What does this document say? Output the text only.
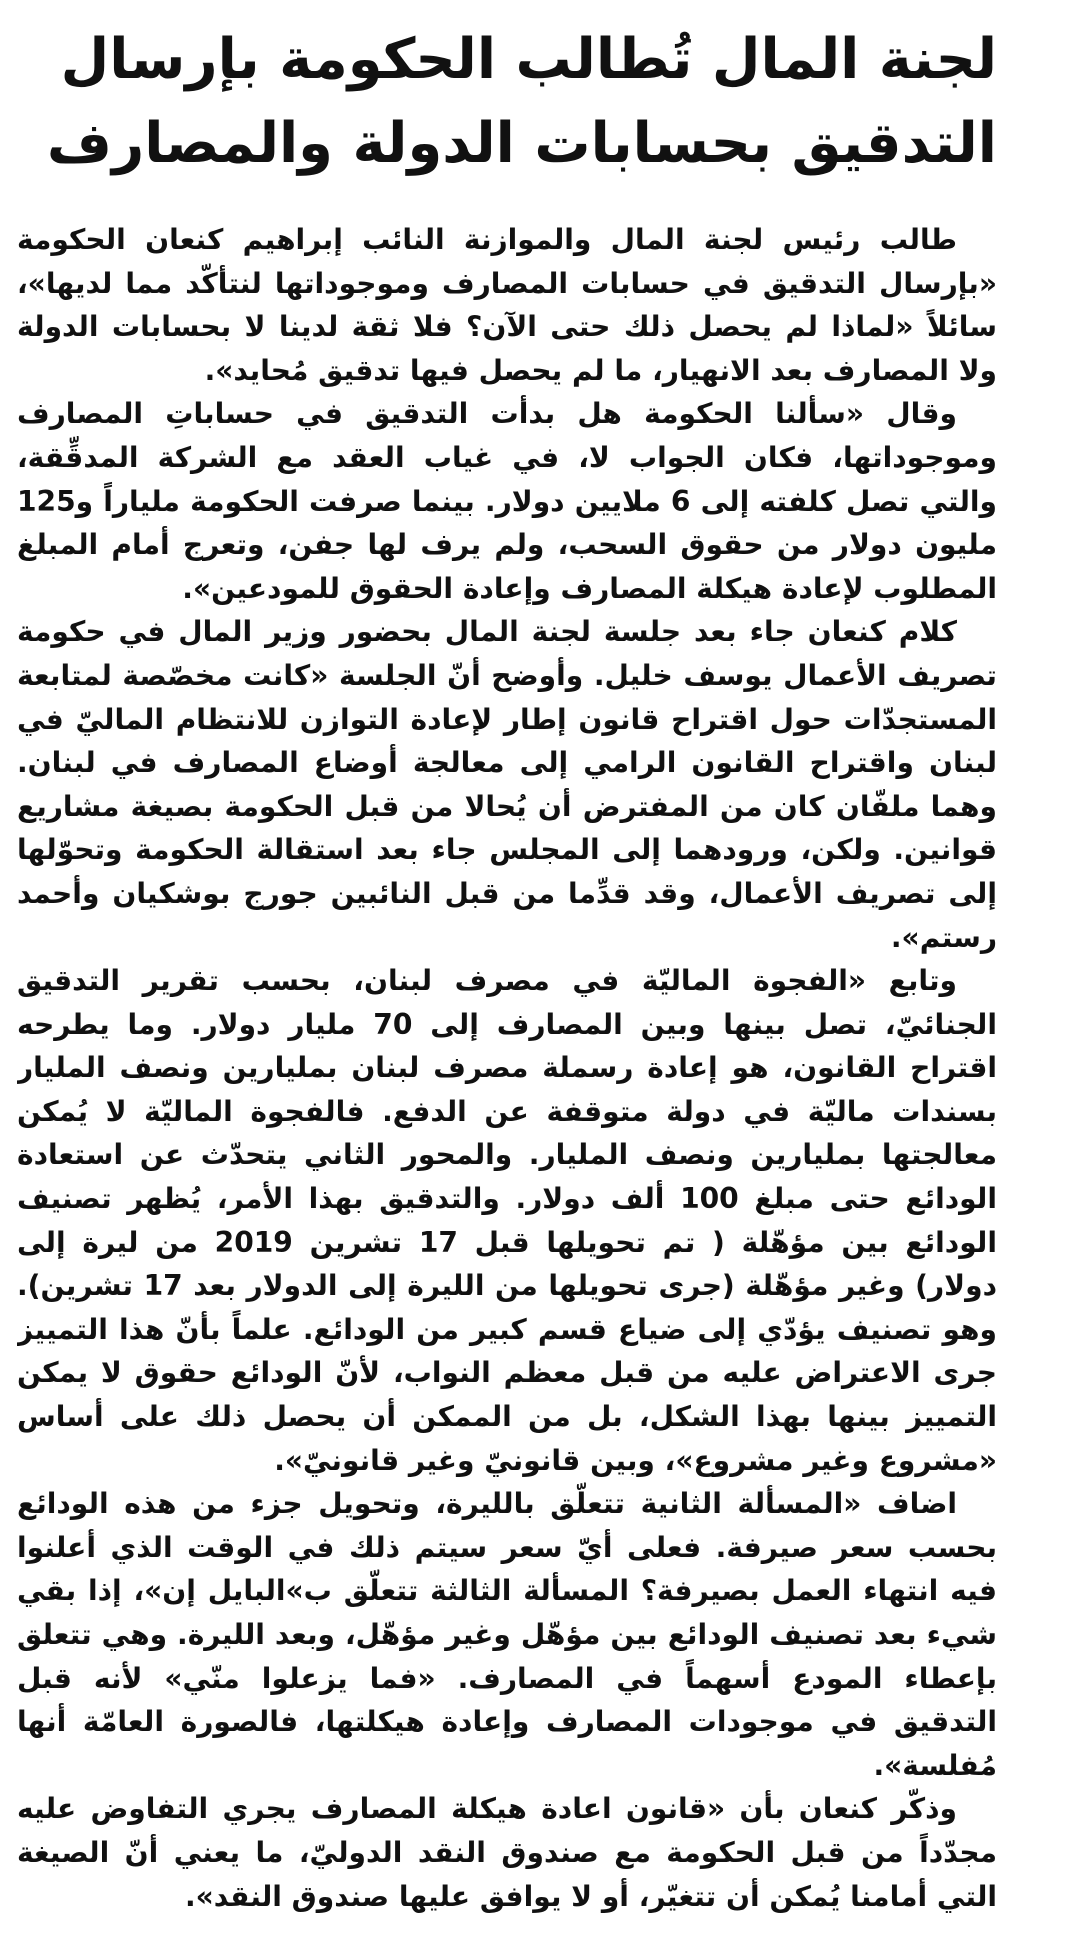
لجنة المال تُطالب الحكومة بإرسال
التدقيق بحسابات الدولة والمصارف

طالب رئيس لجنة المال والموازنة النائب إبراهيم كنعان الحكومة «بإرسال التدقيق في حسابات المصارف وموجوداتها لنتأكّد مما لديها»، سائلاً «لماذا لم يحصل ذلك حتى الآن؟ فلا ثقة لدينا لا بحسابات الدولة ولا المصارف بعد الانهيار، ما لم يحصل فيها تدقيق مُحايد».

وقال «سألنا الحكومة هل بدأت التدقيق في حساباتِ المصارف وموجوداتها، فكان الجواب لا، في غياب العقد مع الشركة المدقِّقة، والتي تصل كلفته إلى 6 ملايين دولار. بينما صرفت الحكومة ملياراً و125 مليون دولار من حقوق السحب، ولم يرف لها جفن، وتعرج أمام المبلغ المطلوب لإعادة هيكلة المصارف وإعادة الحقوق للمودعين».

كلام كنعان جاء بعد جلسة لجنة المال بحضور وزير المال في حكومة تصريف الأعمال يوسف خليل. وأوضح أنّ الجلسة «كانت مخصّصة لمتابعة المستجدّات حول اقتراح قانون إطار لإعادة التوازن للانتظام الماليّ في لبنان واقتراح القانون الرامي إلى معالجة أوضاع المصارف في لبنان. وهما ملفّان كان من المفترض أن يُحالا من قبل الحكومة بصيغة مشاريع قوانين. ولكن، ورودهما إلى المجلس جاء بعد استقالة الحكومة وتحوّلها إلى تصريف الأعمال، وقد قدِّما من قبل النائبين جورج بوشكيان وأحمد رستم».

وتابع «الفجوة الماليّة في مصرف لبنان، بحسب تقرير التدقيق الجنائيّ، تصل بينها وبين المصارف إلى 70 مليار دولار. وما يطرحه اقتراح القانون، هو إعادة رسملة مصرف لبنان بمليارين ونصف المليار بسندات ماليّة في دولة متوقفة عن الدفع. فالفجوة الماليّة لا يُمكن معالجتها بمليارين ونصف المليار. والمحور الثاني يتحدّث عن استعادة الودائع حتى مبلغ 100 ألف دولار. والتدقيق بهذا الأمر، يُظهر تصنيف الودائع بين مؤهّلة ( تم تحويلها قبل 17 تشرين 2019 من ليرة إلى دولار) وغير مؤهّلة (جرى تحويلها من الليرة إلى الدولار بعد 17 تشرين). وهو تصنيف يؤدّي إلى ضياع قسم كبير من الودائع. علماً بأنّ هذا التمييز جرى الاعتراض عليه من قبل معظم النواب، لأنّ الودائع حقوق لا يمكن التمييز بينها بهذا الشكل، بل من الممكن أن يحصل ذلك على أساس «مشروع وغير مشروع»، وبين قانونيّ وغير قانونيّ».

اضاف «المسألة الثانية تتعلّق بالليرة، وتحويل جزء من هذه الودائع بحسب سعر صيرفة. فعلى أيّ سعر سيتم ذلك في الوقت الذي أعلنوا فيه انتهاء العمل بصيرفة؟ المسألة الثالثة تتعلّق ب»البايل إن»، إذا بقي شيء بعد تصنيف الودائع بين مؤهّل وغير مؤهّل، وبعد الليرة. وهي تتعلق بإعطاء المودع أسهماً في المصارف. «فما يزعلوا منّي» لأنه قبل التدقيق في موجودات المصارف وإعادة هيكلتها، فالصورة العامّة أنها مُفلسة».

وذكّر كنعان بأن «قانون اعادة هيكلة المصارف يجري التفاوض عليه مجدّداً من قبل الحكومة مع صندوق النقد الدوليّ، ما يعني أنّ الصيغة التي أمامنا يُمكن أن تتغيّر، أو لا يوافق عليها صندوق النقد».
